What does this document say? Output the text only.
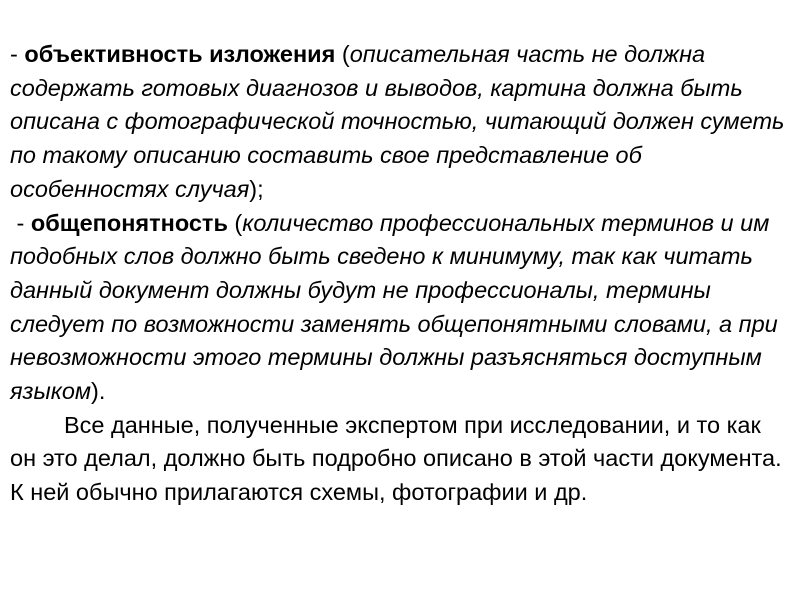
- объективность изложения (описательная часть не должна содержать готовых диагнозов и выводов, картина должна быть описана с фотографической точностью, читающий должен суметь по такому описанию составить свое представление об особенностях случая);

- общепонятность (количество профессиональных терминов и им подобных слов должно быть сведено к минимуму, так как читать данный документ должны будут не профессионалы, термины следует по возможности заменять общепонятными словами, а при невозможности этого термины должны разъясняться доступным языком).

Все данные, полученные экспертом при исследовании, и то как он это делал, должно быть подробно описано в этой части документа. К ней обычно прилагаются схемы, фотографии и др.
